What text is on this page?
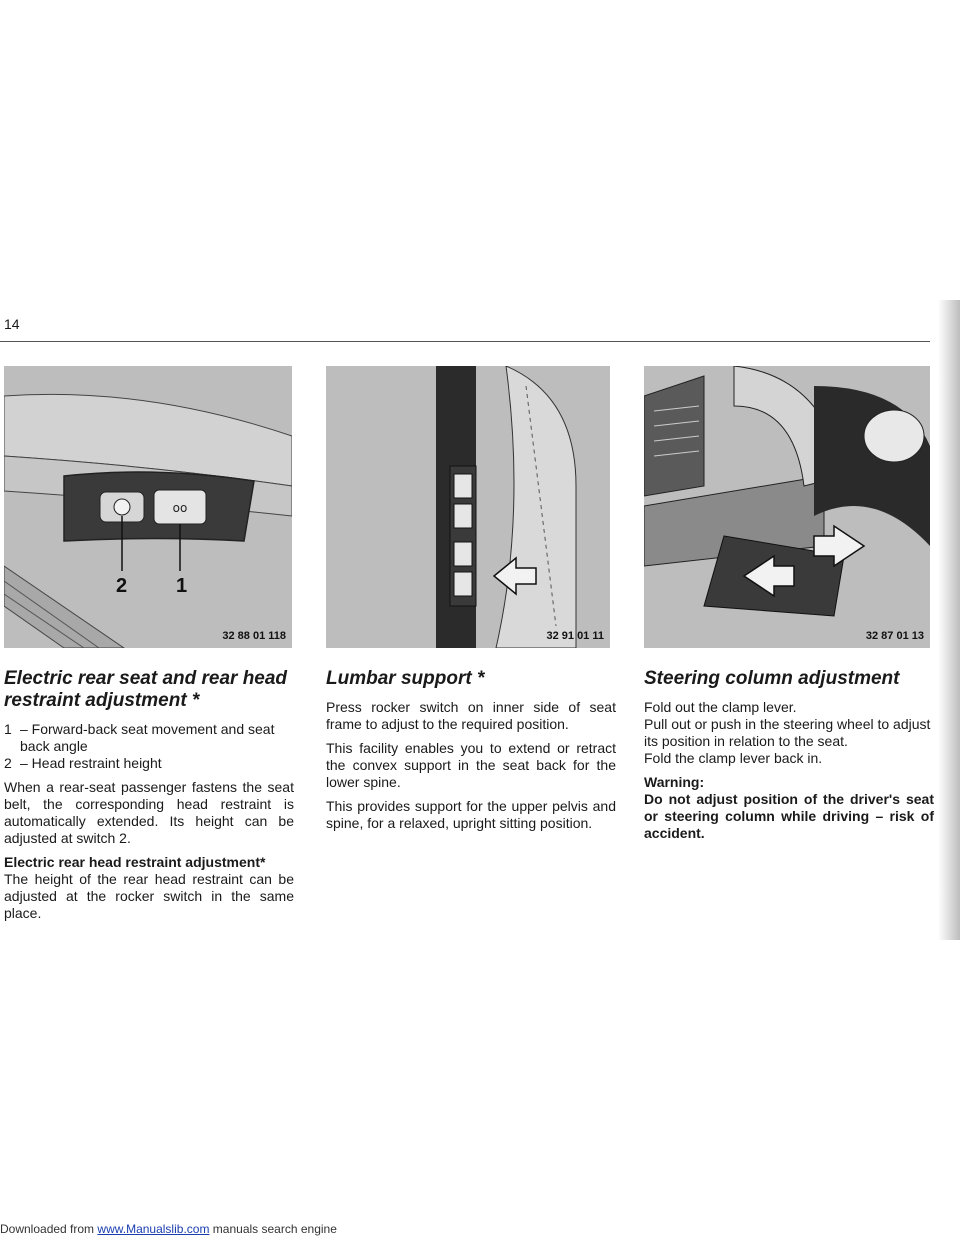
14
oo
2 1
32 88 01 118	32 91 01 11	32 87 01 13
Electric rear seat and rear head restraint adjustment *
1 – Forward-back seat movement and seat back angle
2 – Head restraint height

When a rear-seat passenger fastens the seat belt, the corresponding head restraint is automatically extended. Its height can be adjusted at switch 2.

Electric rear head restraint adjustment*

The height of the rear head restraint can be adjusted at the rocker switch in the same place.

Lumbar support *

Press rocker switch on inner side of seat frame to adjust to the required position.

This facility enables you to extend or retract the convex support in the seat back for the lower spine.

This provides support for the upper pelvis and spine, for a relaxed, upright sitting position.

Steering column adjustment
Fold out the clamp lever.
Pull out or push in the steering wheel to adjust its position in relation to the seat.
Fold the clamp lever back in.
Warning:
Do not adjust position of the driver's seat or steering column while driving – risk of accident.
Downloaded from www.Manualslib.com manuals search engine
